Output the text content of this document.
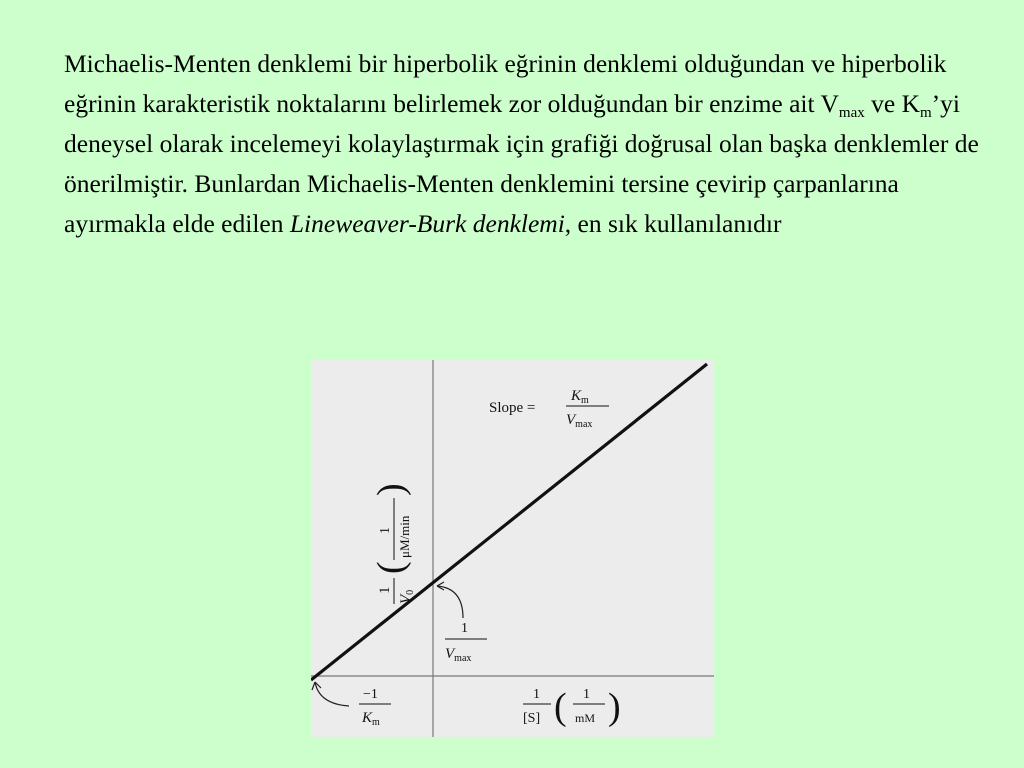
Michaelis-Menten denklemi bir hiperbolik eğrinin denklemi olduğundan ve hiperbolik eğrinin karakteristik noktalarını belirlemek zor olduğundan bir enzime ait $V_{max}$ ve $K_m’yi$ deneysel olarak incelemeyi kolaylaştırmak için grafiği doğrusal olan başka denklemler de önerilmiştir. Bunlardan Michaelis-Menten denklemini tersine çevirip çarpanlarına ayırmakla elde edilen Lineweaver-Burk denklemi, en sık kullanılanıdır
Slope =
$K_m$
$V_{max}$
1
$V_0$
(
1 μM/min
)
1
$V_{max}$
−1
$K_m$
1
[S] ( 1
mM )
